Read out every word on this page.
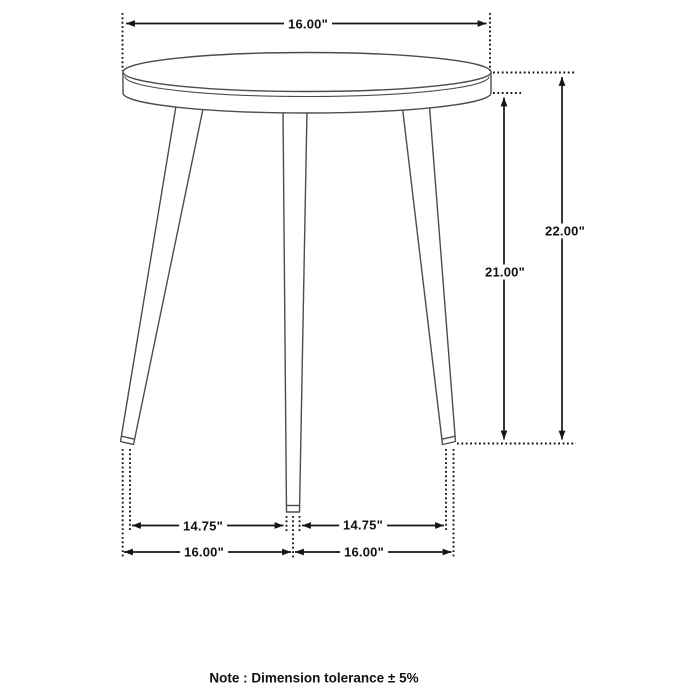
16.00"
22.00"
21.00"
14.75"	14.75"
16.00"	16.00"
Note : Dimension tolerance ± 5%
